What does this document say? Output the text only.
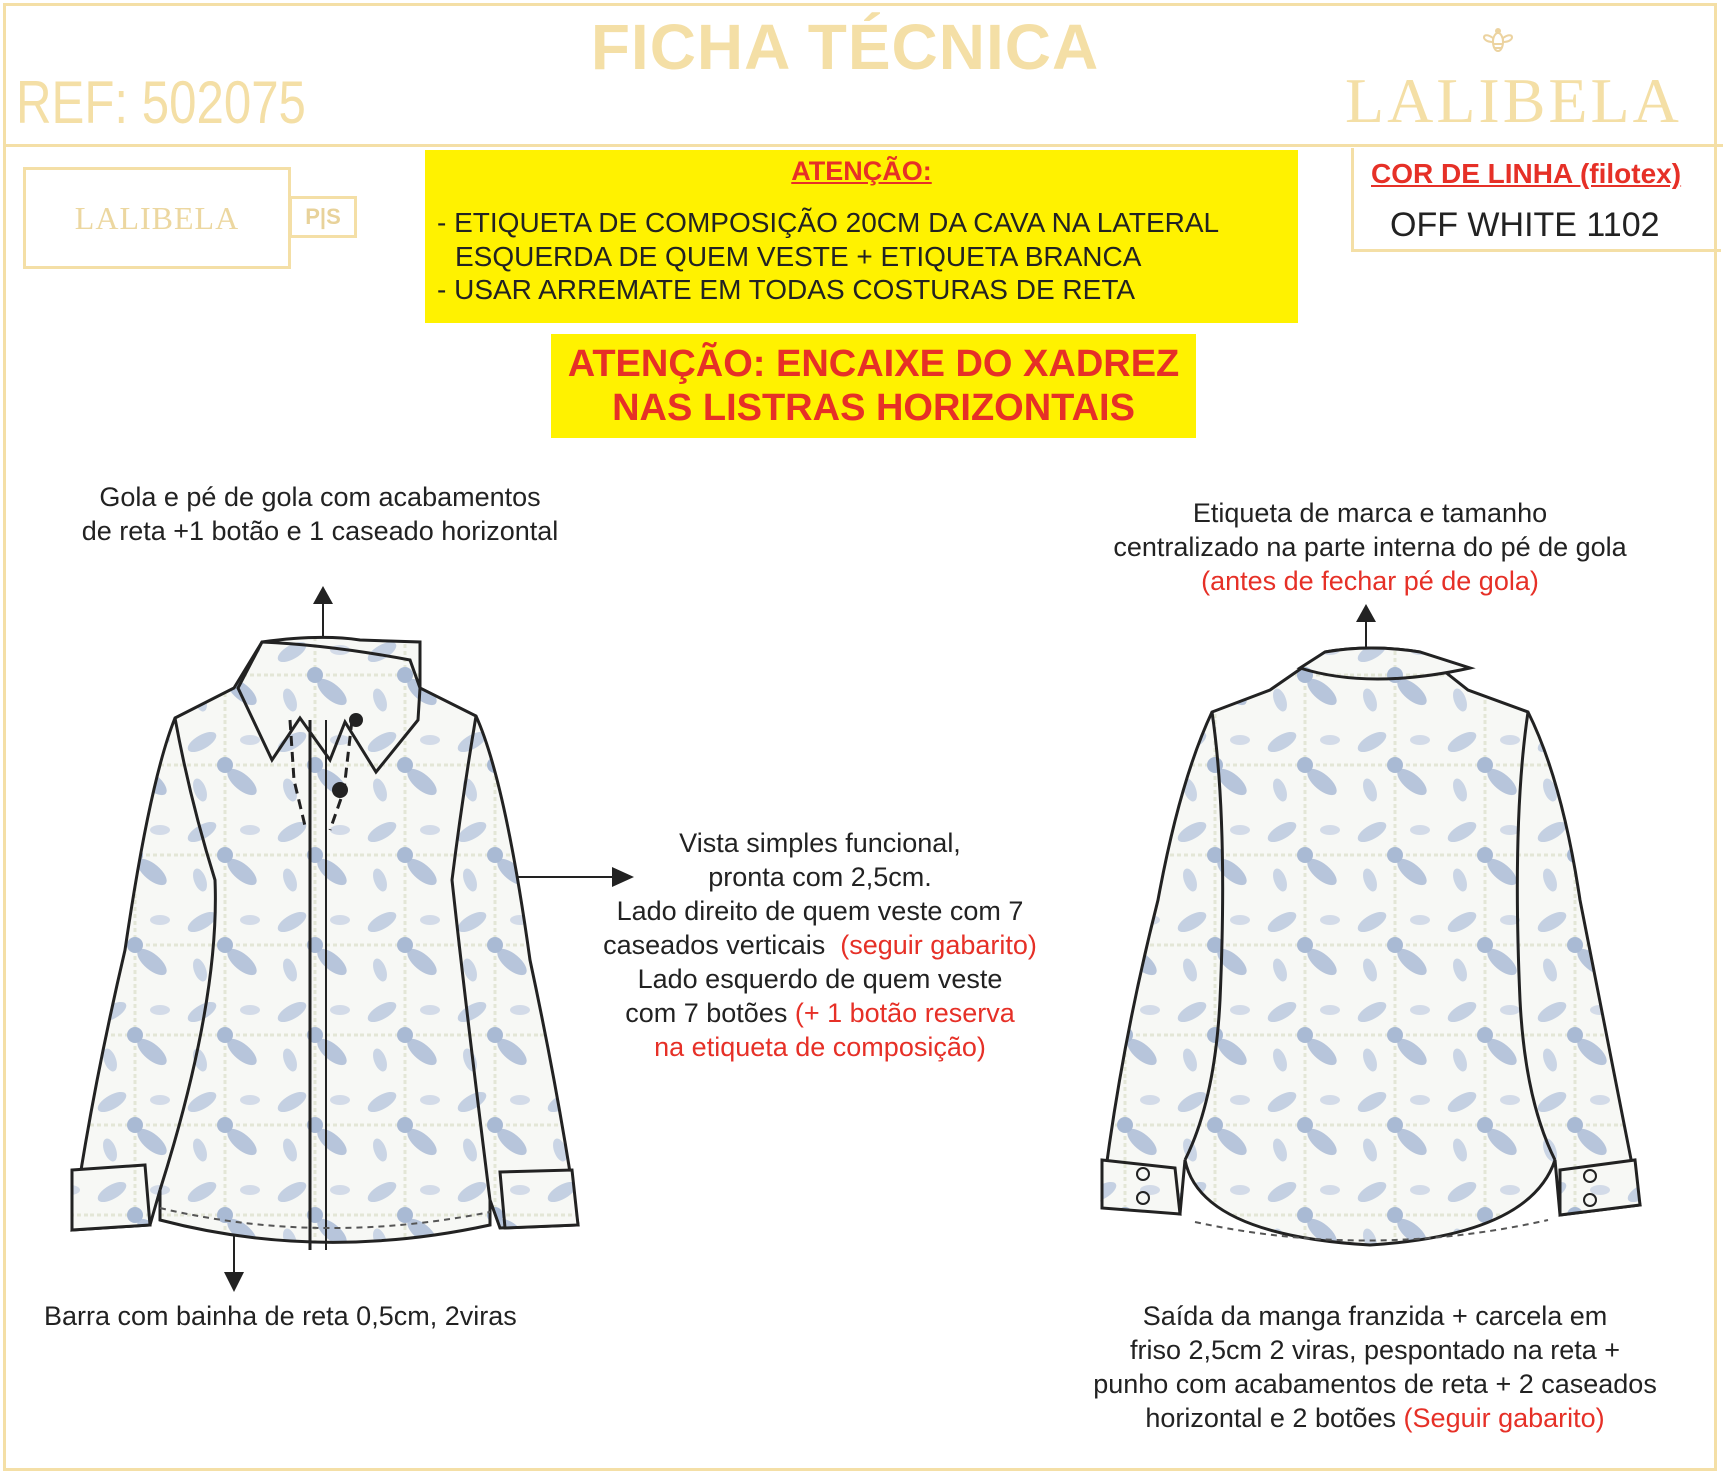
FICHA TÉCNICA
REF: 502075	LALIBELA
LALIBELA	P|S
ATENÇÃO:
- ETIQUETA DE COMPOSIÇÃO 20CM DA CAVA NA LATERAL
ESQUERDA DE QUEM VESTE + ETIQUETA BRANCA
- USAR ARREMATE EM TODAS COSTURAS DE RETA
COR DE LINHA (filotex)
OFF WHITE 1102
ATENÇÃO: ENCAIXE DO XADREZ
NAS LISTRAS HORIZONTAIS
Gola e pé de gola com acabamentos
de reta +1 botão e 1 caseado horizontal
Etiqueta de marca e tamanho
centralizado na parte interna do pé de gola
(antes de fechar pé de gola)
Vista simples funcional,
pronta com 2,5cm.
Lado direito de quem veste com 7
caseados verticais (seguir gabarito)
Lado esquerdo de quem veste
com 7 botões (+ 1 botão reserva
na etiqueta de composição)
Barra com bainha de reta 0,5cm, 2viras	Saída da manga franzida + carcela em
friso 2,5cm 2 viras, pespontado na reta +
punho com acabamentos de reta + 2 caseados
horizontal e 2 botões (Seguir gabarito)
